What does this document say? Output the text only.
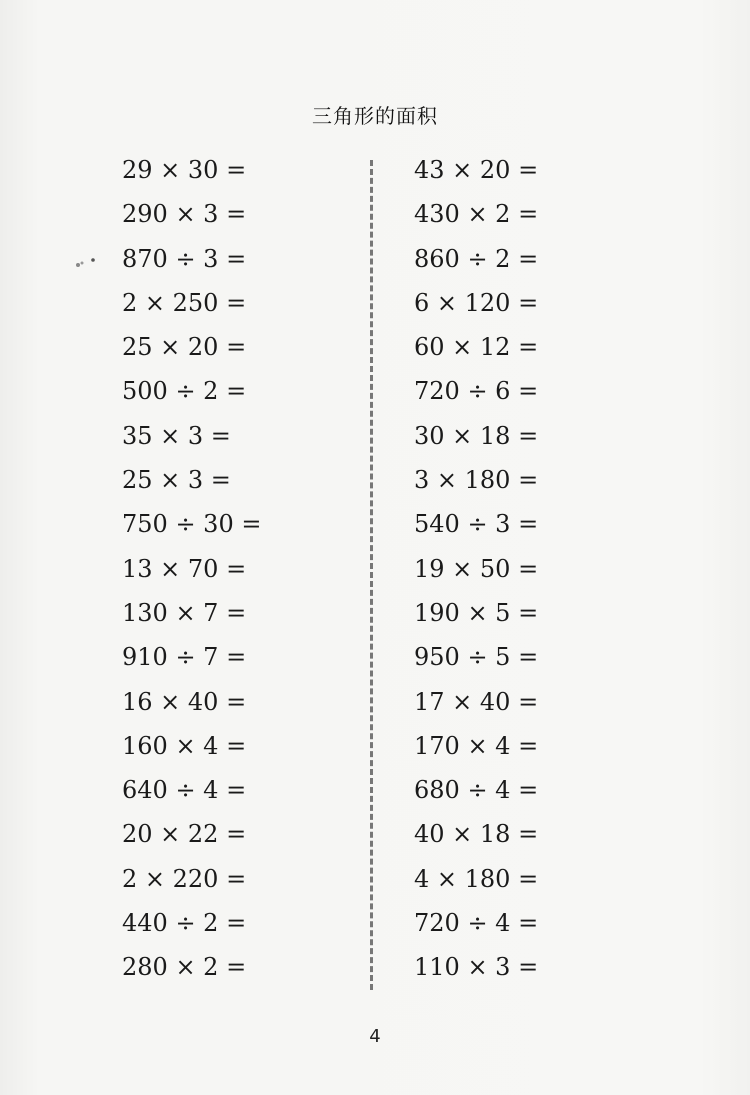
三角形的面积
29 × 30 =
290 × 3 =
870 ÷ 3 =
2 × 250 =
25 × 20 =
500 ÷ 2 =
35 × 3 =
25 × 3 =
750 ÷ 30 =
13 × 70 =
130 × 7 =
910 ÷ 7 =
16 × 40 =
160 × 4 =
640 ÷ 4 =
20 × 22 =
2 × 220 =
440 ÷ 2 =
280 × 2 =
43 × 20 =
430 × 2 =
860 ÷ 2 =
6 × 120 =
60 × 12 =
720 ÷ 6 =
30 × 18 =
3 × 180 =
540 ÷ 3 =
19 × 50 =
190 × 5 =
950 ÷ 5 =
17 × 40 =
170 × 4 =
680 ÷ 4 =
40 × 18 =
4 × 180 =
720 ÷ 4 =
110 × 3 =
4
